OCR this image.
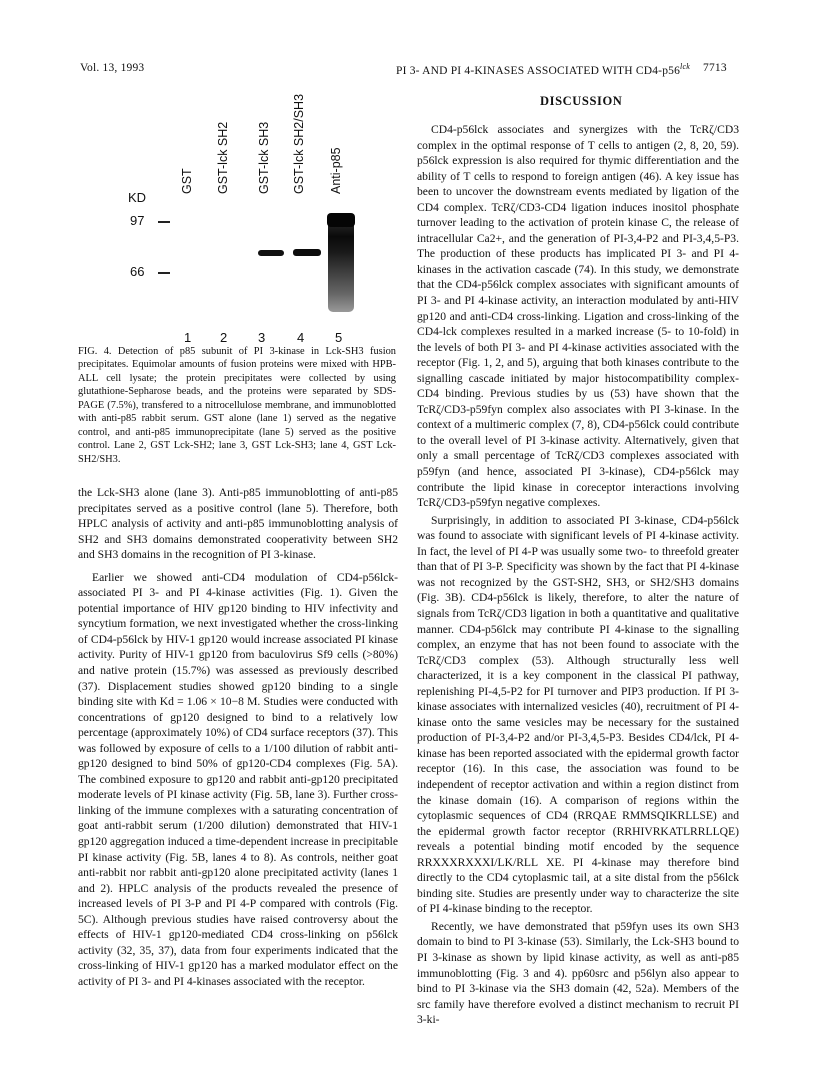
Vol. 13, 1993	PI 3- AND PI 4-KINASES ASSOCIATED WITH $CD4-p56^{lck}$ 7713
GST GST-lck SH2 GST-lck SH3 GST-lck SH2/SH3 Anti-p85
KD
97
66
1 2 3 4 5

FIG. 4. Detection of p85 subunit of PI 3-kinase in Lck-SH3 fusion precipitates. Equimolar amounts of fusion proteins were mixed with HPB-ALL cell lysate; the protein precipitates were collected by using glutathione-Sepharose beads, and the proteins were separated by SDS-PAGE (7.5%), transfered to a nitrocellulose membrane, and immunoblotted with anti-p85 rabbit serum. GST alone (lane 1) served as the negative control, and anti-p85 immunoprecipitate (lane 5) served as the positive control. Lane 2, GST Lck-SH2; lane 3, GST Lck-SH3; lane 4, GST Lck-SH2/SH3.

the Lck-SH3 alone (lane 3). Anti-p85 immunoblotting of anti-p85 precipitates served as a positive control (lane 5). Therefore, both HPLC analysis of activity and anti-p85 immunoblotting analysis of SH2 and SH3 domains demonstrated cooperativity between SH2 and SH3 domains in the recognition of PI 3-kinase.

Earlier we showed anti-CD4 modulation of CD4-p56lck-associated PI 3- and PI 4-kinase activities (Fig. 1). Given the potential importance of HIV gp120 binding to HIV infectivity and syncytium formation, we next investigated whether the cross-linking of CD4-p56lck by HIV-1 gp120 would increase associated PI kinase activity. Purity of HIV-1 gp120 from baculovirus Sf9 cells (>80%) and native protein (15.7%) was assessed as previously described (37). Displacement studies showed gp120 binding to a single binding site with Kd = 1.06 × 10−8 M. Studies were conducted with concentrations of gp120 designed to bind to a relatively low percentage (approximately 10%) of CD4 surface receptors (37). This was followed by exposure of cells to a 1/100 dilution of rabbit anti-gp120 designed to bind 50% of gp120-CD4 complexes (Fig. 5A). The combined exposure to gp120 and rabbit anti-gp120 precipitated moderate levels of PI kinase activity (Fig. 5B, lane 3). Further cross-linking of the immune complexes with a saturating concentration of goat anti-rabbit serum (1/200 dilution) demonstrated that HIV-1 gp120 aggregation induced a time-dependent increase in precipitable PI kinase activity (Fig. 5B, lanes 4 to 8). As controls, neither goat anti-rabbit nor rabbit anti-gp120 alone precipitated activity (lanes 1 and 2). HPLC analysis of the products revealed the presence of increased levels of PI 3-P and PI 4-P compared with controls (Fig. 5C). Although previous studies have raised controversy about the effects of HIV-1 gp120-mediated CD4 cross-linking on p56lck activity (32, 35, 37), data from four experiments indicated that the cross-linking of HIV-1 gp120 has a marked modulator effect on the activity of PI 3- and PI 4-kinases associated with the receptor.

DISCUSSION

CD4-p56lck associates and synergizes with the TcRζ/CD3 complex in the optimal response of T cells to antigen (2, 8, 20, 59). p56lck expression is also required for thymic differentiation and the ability of T cells to respond to foreign antigen (46). A key issue has been to uncover the downstream events mediated by ligation of the CD4 complex. TcRζ/CD3-CD4 ligation induces inositol phosphate turnover leading to the activation of protein kinase C, the release of intracellular Ca2+, and the generation of PI-3,4-P2 and PI-3,4,5-P3. The production of these products has implicated PI 3- and PI 4-kinases in the activation cascade (74). In this study, we demonstrate that the CD4-p56lck complex associates with significant amounts of PI 3- and PI 4-kinase activity, an interaction modulated by anti-HIV gp120 and anti-CD4 cross-linking. Ligation and cross-linking of the CD4-lck complexes resulted in a marked increase (5- to 10-fold) in the levels of both PI 3- and PI 4-kinase activities associated with the receptor (Fig. 1, 2, and 5), arguing that both kinases contribute to the signalling cascade initiated by major histocompatibility complex-CD4 binding. Previous studies by us (53) have shown that the TcRζ/CD3-p59fyn complex also associates with PI 3-kinase. In the context of a multimeric complex (7, 8), CD4-p56lck could contribute to the overall level of PI 3-kinase activity. Alternatively, given that only a small percentage of TcRζ/CD3 complexes associated with p59fyn (and hence, associated PI 3-kinase), CD4-p56lck may contribute the lipid kinase in coreceptor interactions involving TcRζ/CD3-p59fyn negative complexes.

Surprisingly, in addition to associated PI 3-kinase, CD4-p56lck was found to associate with significant levels of PI 4-kinase activity. In fact, the level of PI 4-P was usually some two- to threefold greater than that of PI 3-P. Specificity was shown by the fact that PI 4-kinase was not recognized by the GST-SH2, SH3, or SH2/SH3 domains (Fig. 3B). CD4-p56lck is likely, therefore, to alter the nature of signals from TcRζ/CD3 ligation in both a quantitative and qualitative manner. CD4-p56lck may contribute PI 4-kinase to the signalling complex, an enzyme that has not been found to associate with the TcRζ/CD3 complex (53). Although structurally less well characterized, it is a key component in the classical PI pathway, replenishing PI-4,5-P2 for PI turnover and PIP3 production. If PI 3-kinase associates with internalized vesicles (40), recruitment of PI 4-kinase onto the same vesicles may be necessary for the sustained production of PI-3,4-P2 and/or PI-3,4,5-P3. Besides CD4/lck, PI 4-kinase has been reported associated with the epidermal growth factor receptor (16). In this case, the association was found to be independent of receptor activation and within a region distinct from the kinase domain (16). A comparison of regions within the cytoplasmic sequences of CD4 (RRQAE RMMSQIKRLLSE) and the epidermal growth factor receptor (RRHIVRKATLRRLLQE) reveals a potential binding motif encoded by the sequence RRXXXRXXXI/LK/RLL XE. PI 4-kinase may therefore bind directly to the CD4 cytoplasmic tail, at a site distal from the p56lck binding site. Studies are presently under way to characterize the site of PI 4-kinase binding to the receptor.

Recently, we have demonstrated that p59fyn uses its own SH3 domain to bind to PI 3-kinase (53). Similarly, the Lck-SH3 bound to PI 3-kinase as shown by lipid kinase activity, as well as anti-p85 immunoblotting (Fig. 3 and 4). pp60src and p56lyn also appear to bind to PI 3-kinase via the SH3 domain (42, 52a). Members of the src family have therefore evolved a distinct mechanism to recruit PI 3-ki-
